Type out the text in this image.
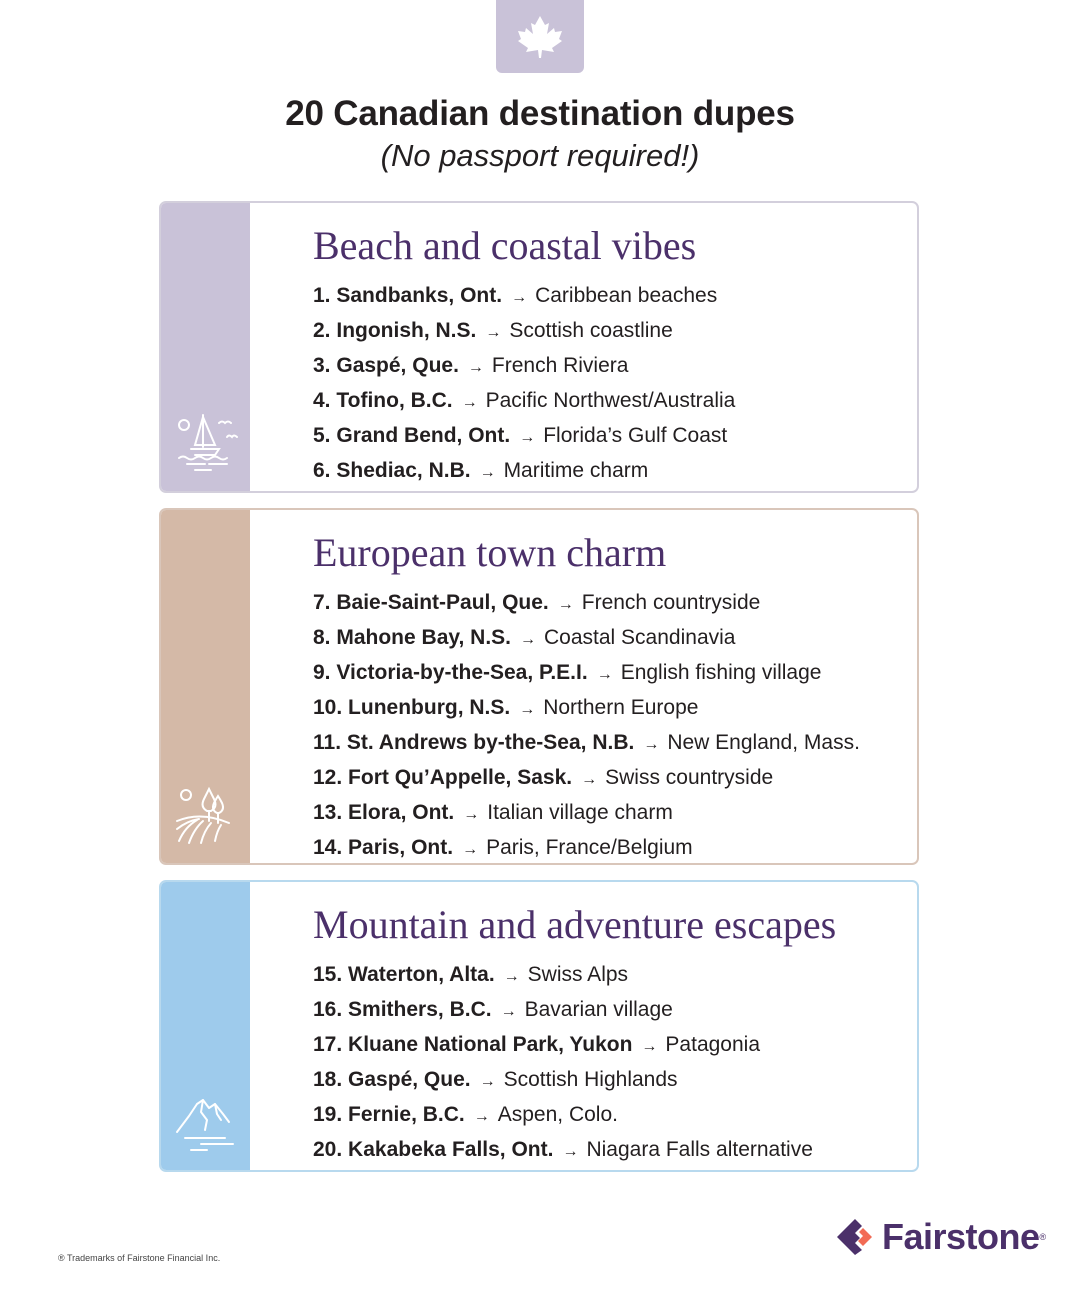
20 Canadian destination dupes
(No passport required!)
Beach and coastal vibes
1. Sandbanks, Ont. → Caribbean beaches
2. Ingonish, N.S. → Scottish coastline
3. Gaspé, Que. → French Riviera
4. Tofino, B.C. → Pacific Northwest/Australia
5. Grand Bend, Ont. → Florida’s Gulf Coast
6. Shediac, N.B. → Maritime charm
European town charm
7. Baie-Saint-Paul, Que. → French countryside
8. Mahone Bay, N.S. → Coastal Scandinavia
9. Victoria-by-the-Sea, P.E.I. → English fishing village
10. Lunenburg, N.S. → Northern Europe
11. St. Andrews by-the-Sea, N.B. → New England, Mass.
12. Fort Qu’Appelle, Sask. → Swiss countryside
13. Elora, Ont. → Italian village charm
14. Paris, Ont. → Paris, France/Belgium
Mountain and adventure escapes
15. Waterton, Alta. → Swiss Alps
16. Smithers, B.C. → Bavarian village
17. Kluane National Park, Yukon → Patagonia
18. Gaspé, Que. → Scottish Highlands
19. Fernie, B.C. → Aspen, Colo.
20. Kakabeka Falls, Ont. → Niagara Falls alternative
® Trademarks of Fairstone Financial Inc.
Fairstone ®
